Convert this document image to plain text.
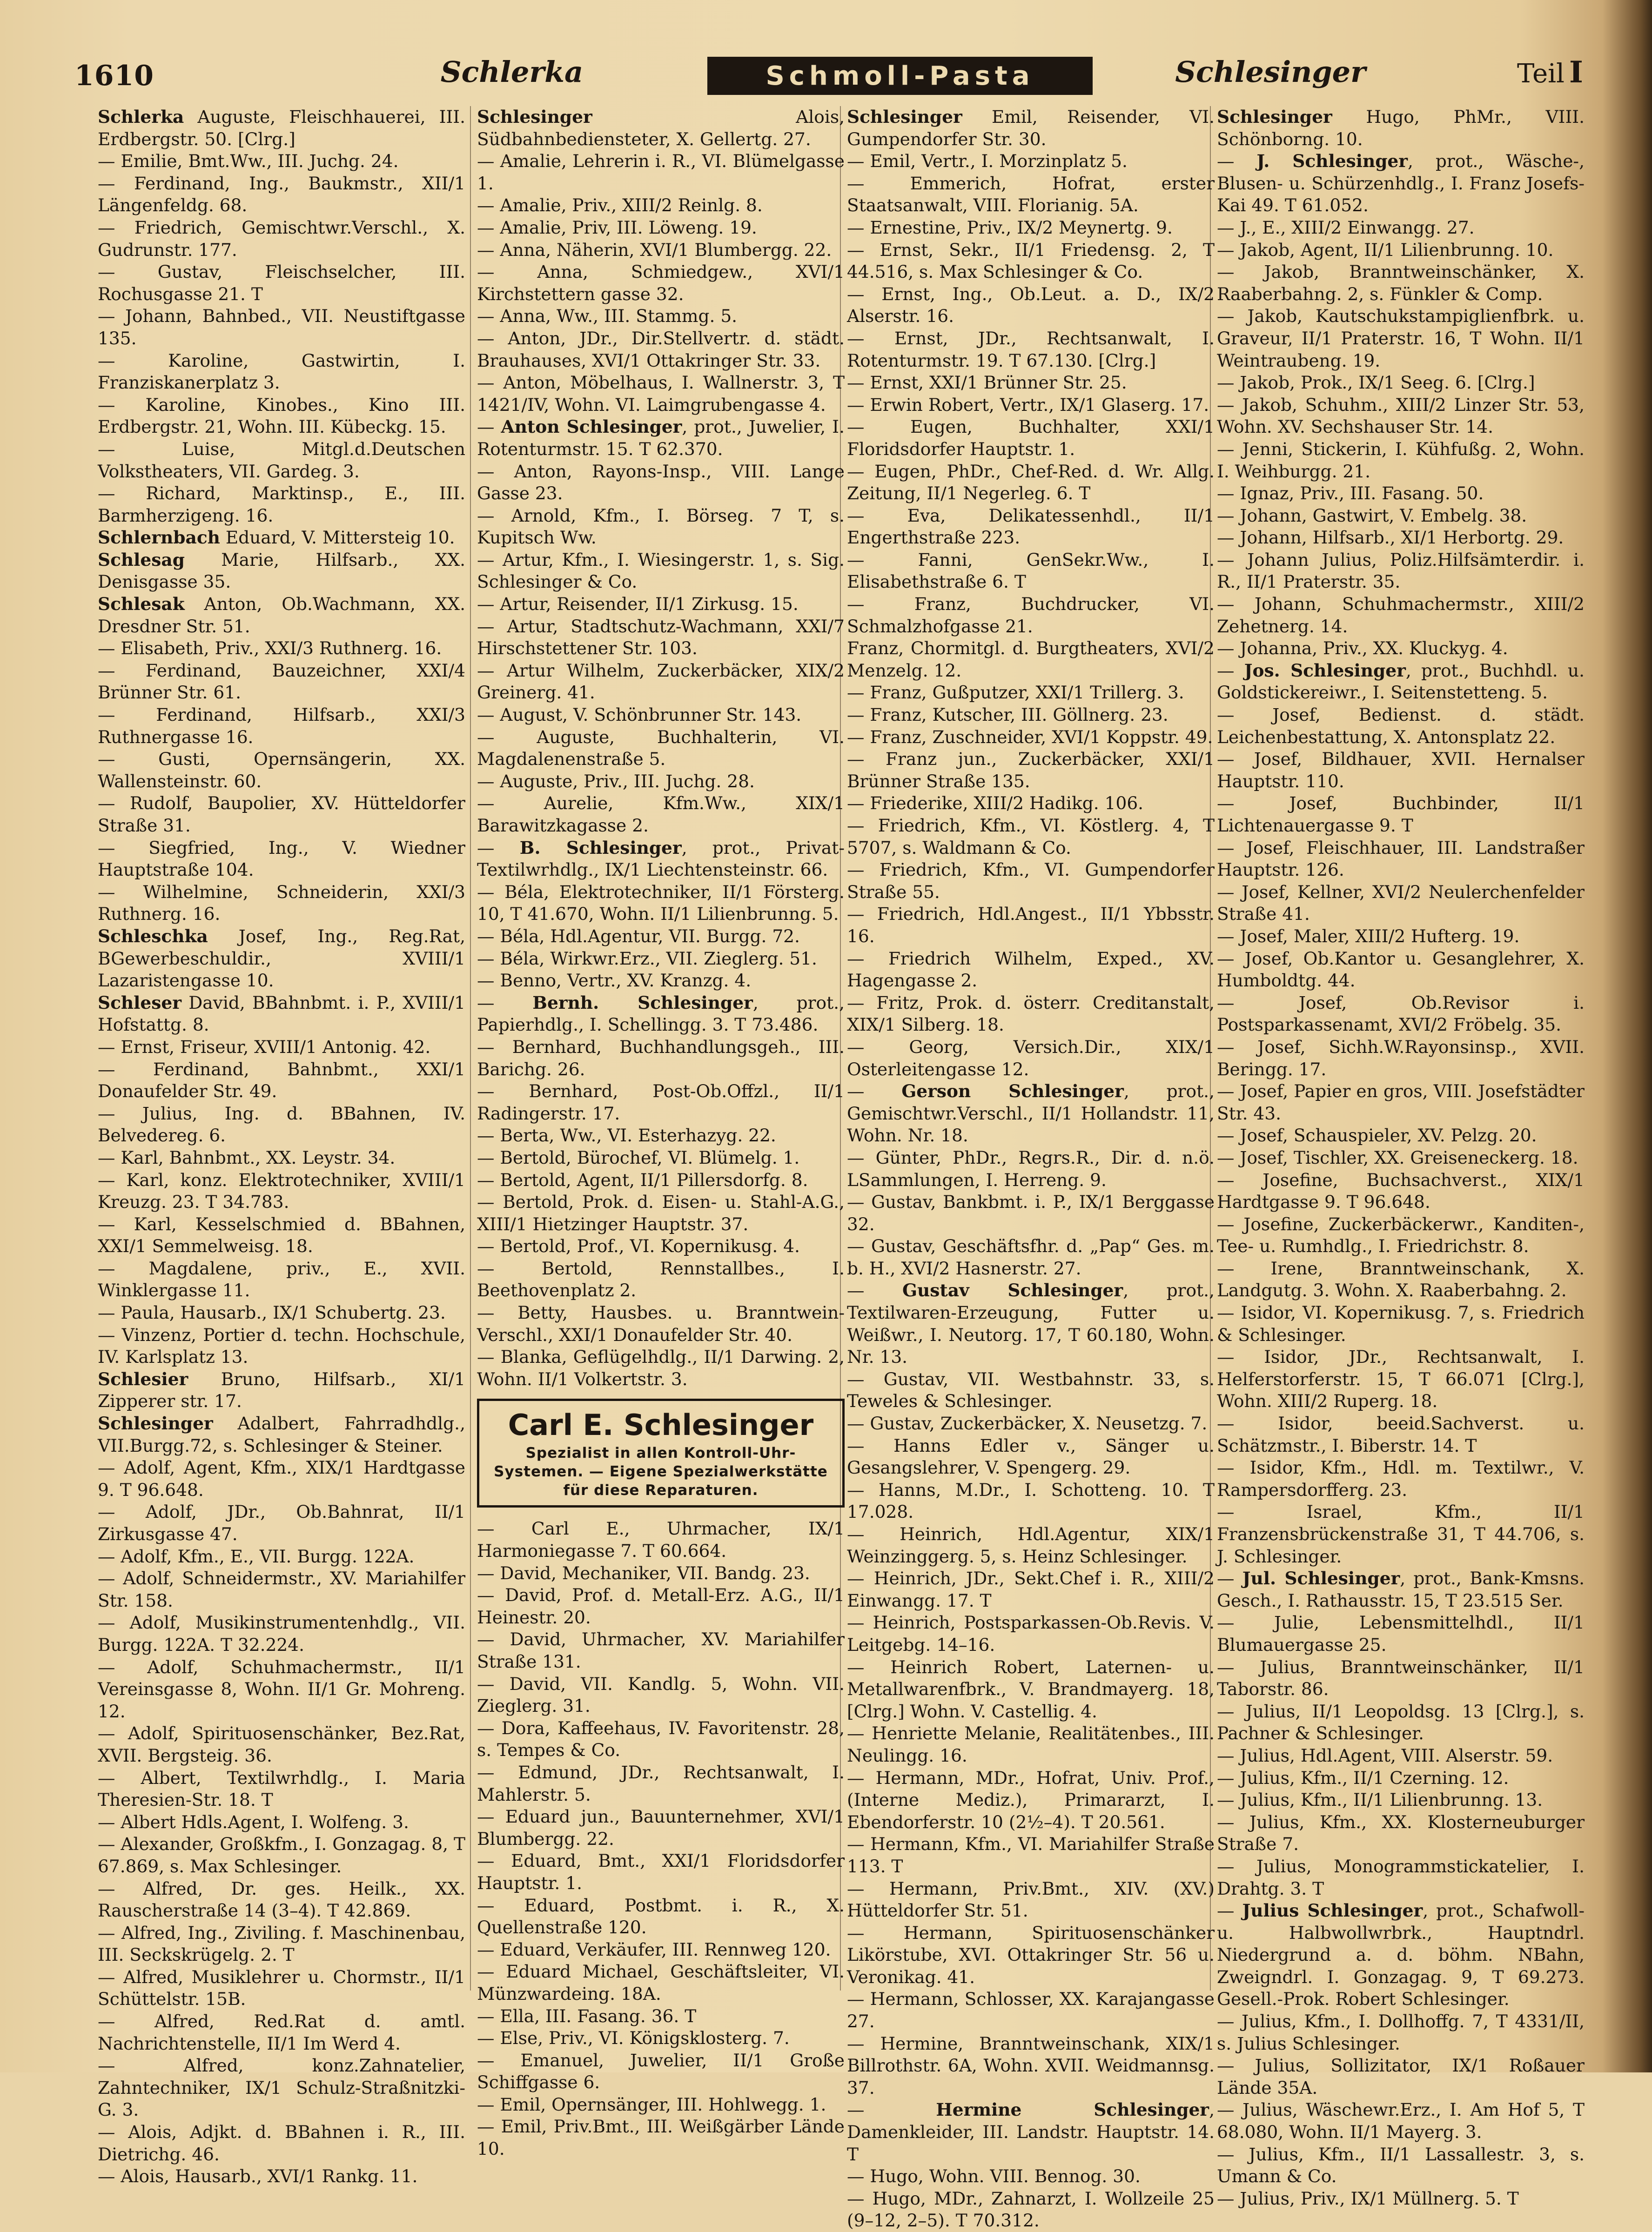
1610	Schlerka	Schmoll-Pasta	Schlesinger	Teil I

Schlerka Auguste, Fleischhauerei, III. Erdbergstr. 50. [Clrg.]

— Emilie, Bmt.Ww., III. Juchg. 24.

— Ferdinand, Ing., Baukmstr., XII/1 Längenfeldg. 68.

— Friedrich, Gemischtwr.Verschl., X. Gudrunstr. 177.

— Gustav, Fleischselcher, III. Rochusgasse 21. T

— Johann, Bahnbed., VII. Neustiftgasse 135.

— Karoline, Gastwirtin, I. Franziskanerplatz 3.

— Karoline, Kinobes., Kino III. Erdbergstr. 21, Wohn. III. Kübeckg. 15.

— Luise, Mitgl.d.Deutschen Volkstheaters, VII. Gardeg. 3.

— Richard, Marktinsp., E., III. Barmherzigeng. 16.

Schlernbach Eduard, V. Mittersteig 10.

Schlesag Marie, Hilfsarb., XX. Denisgasse 35.

Schlesak Anton, Ob.Wachmann, XX. Dresdner Str. 51.

— Elisabeth, Priv., XXI/3 Ruthnerg. 16.

— Ferdinand, Bauzeichner, XXI/4 Brünner Str. 61.

— Ferdinand, Hilfsarb., XXI/3 Ruthnergasse 16.

— Gusti, Opernsängerin, XX. Wallensteinstr. 60.

— Rudolf, Baupolier, XV. Hütteldorfer Straße 31.

— Siegfried, Ing., V. Wiedner Hauptstraße 104.

— Wilhelmine, Schneiderin, XXI/3 Ruthnerg. 16.

Schleschka Josef, Ing., Reg.Rat, BGewerbeschuldir., XVIII/1 Lazaristengasse 10.

Schleser David, BBahnbmt. i. P., XVIII/1 Hofstattg. 8.

— Ernst, Friseur, XVIII/1 Antonig. 42.

— Ferdinand, Bahnbmt., XXI/1 Donaufelder Str. 49.

— Julius, Ing. d. BBahnen, IV. Belvedereg. 6.

— Karl, Bahnbmt., XX. Leystr. 34.

— Karl, konz. Elektrotechniker, XVIII/1 Kreuzg. 23. T 34.783.

— Karl, Kesselschmied d. BBahnen, XXI/1 Semmelweisg. 18.

— Magdalene, priv., E., XVII. Winklergasse 11.

— Paula, Hausarb., IX/1 Schubertg. 23.

— Vinzenz, Portier d. techn. Hochschule, IV. Karlsplatz 13.

Schlesier Bruno, Hilfsarb., XI/1 Zipperer str. 17.

Schlesinger Adalbert, Fahrradhdlg., VII.Burgg.72, s. Schlesinger & Steiner.

— Adolf, Agent, Kfm., XIX/1 Hardtgasse 9. T 96.648.

— Adolf, JDr., Ob.Bahnrat, II/1 Zirkusgasse 47.

— Adolf, Kfm., E., VII. Burgg. 122A.

— Adolf, Schneidermstr., XV. Mariahilfer Str. 158.

— Adolf, Musikinstrumentenhdlg., VII. Burgg. 122A. T 32.224.

— Adolf, Schuhmachermstr., II/1 Vereinsgasse 8, Wohn. II/1 Gr. Mohreng. 12.

— Adolf, Spirituosenschänker, Bez.Rat, XVII. Bergsteig. 36.

— Albert, Textilwrhdlg., I. Maria Theresien-Str. 18. T

— Albert Hdls.Agent, I. Wolfeng. 3.

— Alexander, Großkfm., I. Gonzagag. 8, T 67.869, s. Max Schlesinger.

— Alfred, Dr. ges. Heilk., XX. Rauscherstraße 14 (3–4). T 42.869.

— Alfred, Ing., Ziviling. f. Maschinenbau, III. Seckskrügelg. 2. T

— Alfred, Musiklehrer u. Chormstr., II/1 Schüttelstr. 15B.

— Alfred, Red.Rat d. amtl. Nachrichtenstelle, II/1 Im Werd 4.

— Alfred, konz.Zahnatelier, Zahntechniker, IX/1 Schulz-Straßnitzki-G. 3.

— Alois, Adjkt. d. BBahnen i. R., III. Dietrichg. 46.

— Alois, Hausarb., XVI/1 Rankg. 11.

Schlesinger Alois, Südbahnbediensteter, X. Gellertg. 27.

— Amalie, Lehrerin i. R., VI. Blümelgasse 1.

— Amalie, Priv., XIII/2 Reinlg. 8.

— Amalie, Priv, III. Löweng. 19.

— Anna, Näherin, XVI/1 Blumbergg. 22.

— Anna, Schmiedgew., XVI/1 Kirchstettern gasse 32.

— Anna, Ww., III. Stammg. 5.

— Anton, JDr., Dir.Stellvertr. d. städt. Brauhauses, XVI/1 Ottakringer Str. 33.

— Anton, Möbelhaus, I. Wallnerstr. 3, T 1421/IV, Wohn. VI. Laimgrubengasse 4.

— Anton Schlesinger, prot., Juwelier, I. Rotenturmstr. 15. T 62.370.

— Anton, Rayons-Insp., VIII. Lange Gasse 23.

— Arnold, Kfm., I. Börseg. 7 T, s. Kupitsch Ww.

— Artur, Kfm., I. Wiesingerstr. 1, s. Sig. Schlesinger & Co.

— Artur, Reisender, II/1 Zirkusg. 15.

— Artur, Stadtschutz-Wachmann, XXI/7 Hirschstettener Str. 103.

— Artur Wilhelm, Zuckerbäcker, XIX/2 Greinerg. 41.

— August, V. Schönbrunner Str. 143.

— Auguste, Buchhalterin, VI. Magdalenenstraße 5.

— Auguste, Priv., III. Juchg. 28.

— Aurelie, Kfm.Ww., XIX/1 Barawitzkagasse 2.

— B. Schlesinger, prot., Privat-Textilwrhdlg., IX/1 Liechtensteinstr. 66.

— Béla, Elektrotechniker, II/1 Försterg. 10, T 41.670, Wohn. II/1 Lilienbrunng. 5.

— Béla, Hdl.Agentur, VII. Burgg. 72.

— Béla, Wirkwr.Erz., VII. Zieglerg. 51.

— Benno, Vertr., XV. Kranzg. 4.

— Bernh. Schlesinger, prot., Papierhdlg., I. Schellingg. 3. T 73.486.

— Bernhard, Buchhandlungsgeh., III. Barichg. 26.

— Bernhard, Post-Ob.Offzl., II/1 Radingerstr. 17.

— Berta, Ww., VI. Esterhazyg. 22.

— Bertold, Bürochef, VI. Blümelg. 1.

— Bertold, Agent, II/1 Pillersdorfg. 8.

— Bertold, Prok. d. Eisen- u. Stahl-A.G., XIII/1 Hietzinger Hauptstr. 37.

— Bertold, Prof., VI. Kopernikusg. 4.

— Bertold, Rennstallbes., I. Beethovenplatz 2.

— Betty, Hausbes. u. Branntwein-Verschl., XXI/1 Donaufelder Str. 40.

— Blanka, Geflügelhdlg., II/1 Darwing. 2, Wohn. II/1 Volkertstr. 3.

Carl E. Schlesinger
Spezialist in allen Kontroll-Uhr-Systemen. — Eigene Spezialwerkstätte für diese Reparaturen.

— Carl E., Uhrmacher, IX/1 Harmoniegasse 7. T 60.664.

— David, Mechaniker, VII. Bandg. 23.

— David, Prof. d. Metall-Erz. A.G., II/1 Heinestr. 20.

— David, Uhrmacher, XV. Mariahilfer Straße 131.

— David, VII. Kandlg. 5, Wohn. VII. Zieglerg. 31.

— Dora, Kaffeehaus, IV. Favoritenstr. 28, s. Tempes & Co.

— Edmund, JDr., Rechtsanwalt, I. Mahlerstr. 5.

— Eduard jun., Bauunternehmer, XVI/1 Blumbergg. 22.

— Eduard, Bmt., XXI/1 Floridsdorfer Hauptstr. 1.

— Eduard, Postbmt. i. R., X. Quellenstraße 120.

— Eduard, Verkäufer, III. Rennweg 120.

— Eduard Michael, Geschäftsleiter, VI. Münzwardeing. 18A.

— Ella, III. Fasang. 36. T

— Else, Priv., VI. Königsklosterg. 7.

— Emanuel, Juwelier, II/1 Große Schiffgasse 6.

— Emil, Opernsänger, III. Hohlwegg. 1.

— Emil, Priv.Bmt., III. Weißgärber Lände 10.

Schlesinger Emil, Reisender, VI. Gumpendorfer Str. 30.

— Emil, Vertr., I. Morzinplatz 5.

— Emmerich, Hofrat, erster Staatsanwalt, VIII. Florianig. 5A.

— Ernestine, Priv., IX/2 Meynertg. 9.

— Ernst, Sekr., II/1 Friedensg. 2, T 44.516, s. Max Schlesinger & Co.

— Ernst, Ing., Ob.Leut. a. D., IX/2 Alserstr. 16.

— Ernst, JDr., Rechtsanwalt, I. Rotenturmstr. 19. T 67.130. [Clrg.]

— Ernst, XXI/1 Brünner Str. 25.

— Erwin Robert, Vertr., IX/1 Glaserg. 17.

— Eugen, Buchhalter, XXI/1 Floridsdorfer Hauptstr. 1.

— Eugen, PhDr., Chef-Red. d. Wr. Allg. Zeitung, II/1 Negerleg. 6. T

— Eva, Delikatessenhdl., II/1 Engerthstraße 223.

— Fanni, GenSekr.Ww., I. Elisabethstraße 6. T

— Franz, Buchdrucker, VI. Schmalzhofgasse 21.

Franz, Chormitgl. d. Burgtheaters, XVI/2 Menzelg. 12.

— Franz, Gußputzer, XXI/1 Trillerg. 3.

— Franz, Kutscher, III. Göllnerg. 23.

— Franz, Zuschneider, XVI/1 Koppstr. 49.

— Franz jun., Zuckerbäcker, XXI/1 Brünner Straße 135.

— Friederike, XIII/2 Hadikg. 106.

— Friedrich, Kfm., VI. Köstlerg. 4, T 5707, s. Waldmann & Co.

— Friedrich, Kfm., VI. Gumpendorfer Straße 55.

— Friedrich, Hdl.Angest., II/1 Ybbsstr. 16.

— Friedrich Wilhelm, Exped., XV. Hagengasse 2.

— Fritz, Prok. d. österr. Creditanstalt, XIX/1 Silberg. 18.

— Georg, Versich.Dir., XIX/1 Osterleitengasse 12.

— Gerson Schlesinger, prot., Gemischtwr.Verschl., II/1 Hollandstr. 11, Wohn. Nr. 18.

— Günter, PhDr., Regrs.R., Dir. d. n.ö. LSammlungen, I. Herreng. 9.

— Gustav, Bankbmt. i. P., IX/1 Berggasse 32.

— Gustav, Geschäftsfhr. d. „Pap“ Ges. m. b. H., XVI/2 Hasnerstr. 27.

— Gustav Schlesinger, prot., Textilwaren-Erzeugung, Futter u. Weißwr., I. Neutorg. 17, T 60.180, Wohn. Nr. 13.

— Gustav, VII. Westbahnstr. 33, s. Teweles & Schlesinger.

— Gustav, Zuckerbäcker, X. Neusetzg. 7.

— Hanns Edler v., Sänger u. Gesangslehrer, V. Spengerg. 29.

— Hanns, M.Dr., I. Schotteng. 10. T 17.028.

— Heinrich, Hdl.Agentur, XIX/1 Weinzinggerg. 5, s. Heinz Schlesinger.

— Heinrich, JDr., Sekt.Chef i. R., XIII/2 Einwangg. 17. T

— Heinrich, Postsparkassen-Ob.Revis. V. Leitgebg. 14–16.

— Heinrich Robert, Laternen- u. Metallwarenfbrk., V. Brandmayerg. 18, [Clrg.] Wohn. V. Castellig. 4.

— Henriette Melanie, Realitätenbes., III. Neulingg. 16.

— Hermann, MDr., Hofrat, Univ. Prof., (Interne Mediz.), Primararzt, I. Ebendorferstr. 10 (2½–4). T 20.561.

— Hermann, Kfm., VI. Mariahilfer Straße 113. T

— Hermann, Priv.Bmt., XIV. (XV.) Hütteldorfer Str. 51.

— Hermann, Spirituosenschänker Likörstube, XVI. Ottakringer Str. 56 u. Veronikag. 41.

— Hermann, Schlosser, XX. Karajangasse 27.

— Hermine, Branntweinschank, XIX/1 Billrothstr. 6A, Wohn. XVII. Weidmannsg. 37.

— Hermine Schlesinger, Damenkleider, III. Landstr. Hauptstr. 14. T

— Hugo, Wohn. VIII. Bennog. 30.

— Hugo, MDr., Zahnarzt, I. Wollzeile 25 (9–12, 2–5). T 70.312.

Schlesinger Hugo, PhMr., VIII. Schönborng. 10.

— J. Schlesinger, prot., Wäsche-, Blusen- u. Schürzenhdlg., I. Franz Josefs-Kai 49. T 61.052.

— J., E., XIII/2 Einwangg. 27.

— Jakob, Agent, II/1 Lilienbrunng. 10.

— Jakob, Branntweinschänker, X. Raaberbahng. 2, s. Fünkler & Comp.

— Jakob, Kautschukstampiglienfbrk. u. Graveur, II/1 Praterstr. 16, T Wohn. II/1 Weintraubeng. 19.

— Jakob, Prok., IX/1 Seeg. 6. [Clrg.]

— Jakob, Schuhm., XIII/2 Linzer Str. 53, Wohn. XV. Sechshauser Str. 14.

— Jenni, Stickerin, I. Kühfußg. 2, Wohn. I. Weihburgg. 21.

— Ignaz, Priv., III. Fasang. 50.

— Johann, Gastwirt, V. Embelg. 38.

— Johann, Hilfsarb., XI/1 Herbortg. 29.

— Johann Julius, Poliz.Hilfsämterdir. i. R., II/1 Praterstr. 35.

— Johann, Schuhmachermstr., XIII/2 Zehetnerg. 14.

— Johanna, Priv., XX. Kluckyg. 4.

— Jos. Schlesinger, prot., Buchhdl. u. Goldstickereiwr., I. Seitenstetteng. 5.

— Josef, Bedienst. d. städt. Leichenbestattung, X. Antonsplatz 22.

— Josef, Bildhauer, XVII. Hernalser Hauptstr. 110.

— Josef, Buchbinder, II/1 Lichtenauergasse 9. T

— Josef, Fleischhauer, III. Landstraßer Hauptstr. 126.

— Josef, Kellner, XVI/2 Neulerchenfelder Straße 41.

— Josef, Maler, XIII/2 Hufterg. 19.

— Josef, Ob.Kantor u. Gesanglehrer, X. Humboldtg. 44.

— Josef, Ob.Revisor i. Postsparkassenamt, XVI/2 Fröbelg. 35.

— Josef, Sichh.W.Rayonsinsp., XVII. Beringg. 17.

— Josef, Papier en gros, VIII. Josefstädter Str. 43.

— Josef, Schauspieler, XV. Pelzg. 20.

— Josef, Tischler, XX. Greiseneckerg. 18.

— Josefine, Buchsachverst., XIX/1 Hardtgasse 9. T 96.648.

— Josefine, Zuckerbäckerwr., Kanditen-, Tee- u. Rumhdlg., I. Friedrichstr. 8.

— Irene, Branntweinschank, X. Landgutg. 3. Wohn. X. Raaberbahng. 2.

— Isidor, VI. Kopernikusg. 7, s. Friedrich & Schlesinger.

— Isidor, JDr., Rechtsanwalt, I. Helferstorferstr. 15, T 66.071 [Clrg.], Wohn. XIII/2 Ruperg. 18.

— Isidor, beeid.Sachverst. u. Schätzmstr., I. Biberstr. 14. T

— Isidor, Kfm., Hdl. m. Textilwr., V. Rampersdorfferg. 23.

— Israel, Kfm., II/1 Franzensbrückenstraße 31, T 44.706, s. J. Schlesinger.

— Jul. Schlesinger, prot., Bank-Kmsns. Gesch., I. Rathausstr. 15, T 23.515 Ser.

— Julie, Lebensmittelhdl., II/1 Blumauergasse 25.

— Julius, Branntweinschänker, II/1 Taborstr. 86.

— Julius, II/1 Leopoldsg. 13 [Clrg.], s. Pachner & Schlesinger.

— Julius, Hdl.Agent, VIII. Alserstr. 59.

— Julius, Kfm., II/1 Czerning. 12.

— Julius, Kfm., II/1 Lilienbrunng. 13.

— Julius, Kfm., XX. Klosterneuburger Straße 7.

— Julius, Monogrammstickatelier, I. Drahtg. 3. T

— Julius Schlesinger, prot., Schafwoll- u. Halbwollwrbrk., Hauptndrl. Niedergrund a. d. böhm. NBahn, Zweigndrl. I. Gonzagag. 9, T 69.273. Gesell.-Prok. Robert Schlesinger.

— Julius, Kfm., I. Dollhoffg. 7, T 4331/II, s. Julius Schlesinger.

— Julius, Sollizitator, IX/1 Roßauer Lände 35A.

— Julius, Wäschewr.Erz., I. Am Hof 5, T 68.080, Wohn. II/1 Mayerg. 3.

— Julius, Kfm., II/1 Lassallestr. 3, s. Umann & Co.

— Julius, Priv., IX/1 Müllnerg. 5. T
